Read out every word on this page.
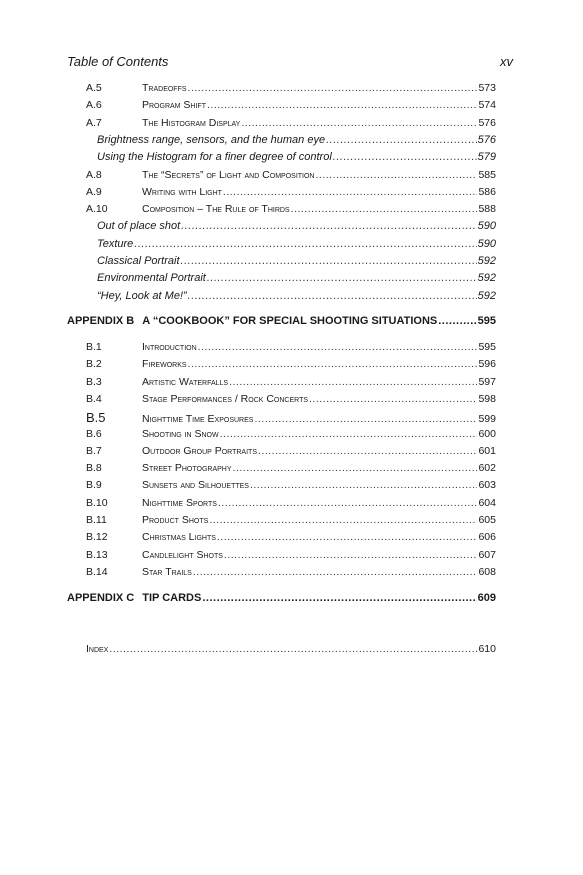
Table of Contents	xv
A.5	Tradeoffs .....	573
A.6	Program Shift .....	574
A.7	The Histogram Display .....	576
Brightness range, sensors, and the human eye .....	576
Using the Histogram for a finer degree of control .....	579
A.8	The “Secrets” of Light and Composition .....	585
A.9	Writing with Light .....	586
A.10	Composition – The Rule of Thirds .....	588
Out of place shot .....	590
Texture .....	590
Classical Portrait .....	592
Environmental Portrait .....	592
“Hey, Look at Me!” .....	592
APPENDIX B A “COOKBOOK” FOR SPECIAL SHOOTING SITUATIONS .....	595
B.1	Introduction .....	595
B.2	Fireworks .....	596
B.3	Artistic Waterfalls .....	597
B.4	Stage Performances / Rock Concerts .....	598
B.5	Nighttime Time Exposures .....	599
B.6	Shooting in Snow .....	600
B.7	Outdoor Group Portraits .....	601
B.8	Street Photography .....	602
B.9	Sunsets and Silhouettes .....	603
B.10	Nighttime Sports .....	604
B.11	Product Shots .....	605
B.12	Christmas Lights .....	606
B.13	Candlelight Shots .....	607
B.14	Star Trails .....	608
APPENDIX C TIP CARDS .....	609
Index .....	610
